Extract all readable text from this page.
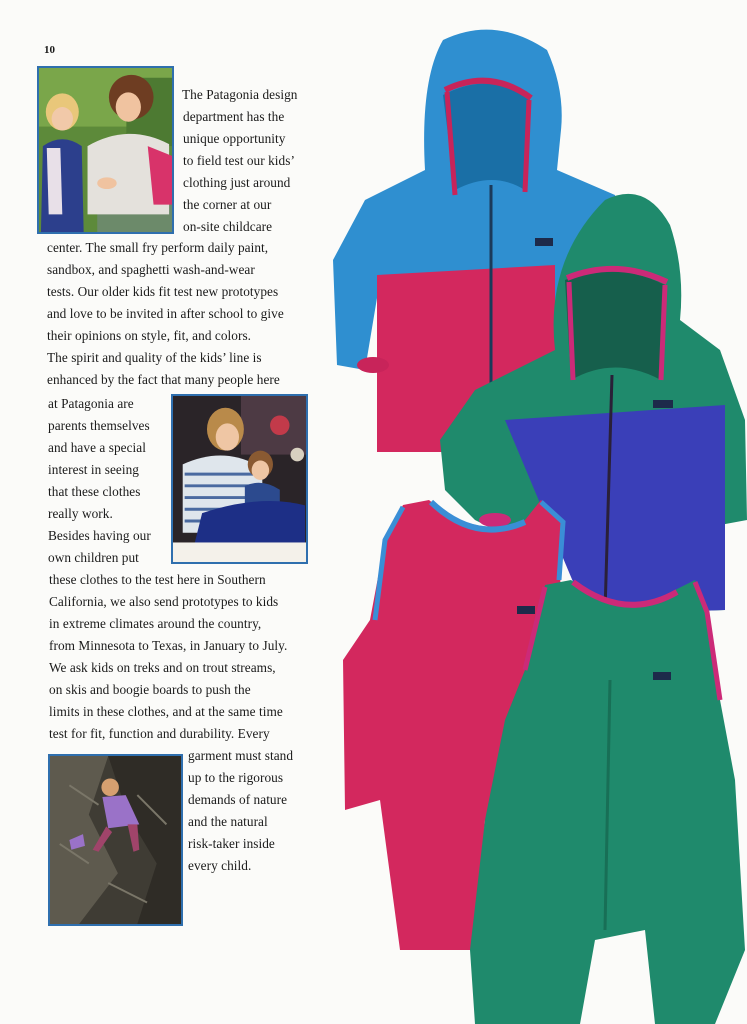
10
The Patagonia design
department has the
unique opportunity
to field test our kids’
clothing just around
the corner at our
on-site childcare
center. The small fry perform daily paint,
sandbox, and spaghetti wash-and-wear
tests. Our older kids fit test new prototypes
and love to be invited in after school to give
their opinions on style, fit, and colors.
The spirit and quality of the kids’ line is
enhanced by the fact that many people here
at Patagonia are
parents themselves
and have a special
interest in seeing
that these clothes
really work.
Besides having our
own children put
these clothes to the test here in Southern
California, we also send prototypes to kids
in extreme climates around the country,
from Minnesota to Texas, in January to July.
We ask kids on treks and on trout streams,
on skis and boogie boards to push the
limits in these clothes, and at the same time
test for fit, function and durability. Every
garment must stand
up to the rigorous
demands of nature
and the natural
risk-taker inside
every child.
